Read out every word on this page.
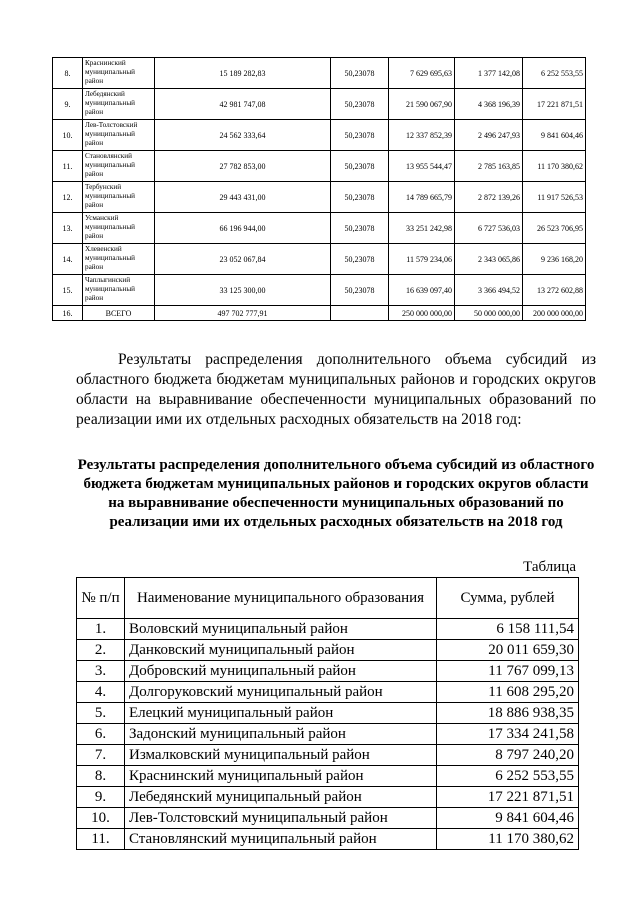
8.	Краснинский муниципальный район	15 189 282,83	50,23078	7 629 695,63	1 377 142,08	6 252 553,55
9.	Лебедянский муниципальный район	42 981 747,08	50,23078	21 590 067,90	4 368 196,39	17 221 871,51
10.	Лев-Толстовский муниципальный район	24 562 333,64	50,23078	12 337 852,39	2 496 247,93	9 841 604,46
11.	Становлянский муниципальный район	27 782 853,00	50,23078	13 955 544,47	2 785 163,85	11 170 380,62
12.	Тербунский муниципальный район	29 443 431,00	50,23078	14 789 665,79	2 872 139,26	11 917 526,53
13.	Усманский муниципальный район	66 196 944,00	50,23078	33 251 242,98	6 727 536,03	26 523 706,95
14.	Хлевенский муниципальный район	23 052 067,84	50,23078	11 579 234,06	2 343 065,86	9 236 168,20
15.	Чаплыгинский муниципальный район	33 125 300,00	50,23078	16 639 097,40	3 366 494,52	13 272 602,88
16.	ВСЕГО	497 702 777,91		250 000 000,00	50 000 000,00	200 000 000,00
Результаты распределения дополнительного объема субсидий из областного бюджета бюджетам муниципальных районов и городских округов области на выравнивание обеспеченности муниципальных образований по реализации ими их отдельных расходных обязательств на 2018 год:
Результаты распределения дополнительного объема субсидий из областного бюджета бюджетам муниципальных районов и городских округов области на выравнивание обеспеченности муниципальных образований по реализации ими их отдельных расходных обязательств на 2018 год
Таблица
№ п/п	Наименование муниципального образования	Сумма, рублей
1.	Воловский муниципальный район	6 158 111,54
2.	Данковский муниципальный район	20 011 659,30
3.	Добровский муниципальный район	11 767 099,13
4.	Долгоруковский муниципальный район	11 608 295,20
5.	Елецкий муниципальный район	18 886 938,35
6.	Задонский муниципальный район	17 334 241,58
7.	Измалковский муниципальный район	8 797 240,20
8.	Краснинский муниципальный район	6 252 553,55
9.	Лебедянский муниципальный район	17 221 871,51
10.	Лев-Толстовский муниципальный район	9 841 604,46
11.	Становлянский муниципальный район	11 170 380,62
